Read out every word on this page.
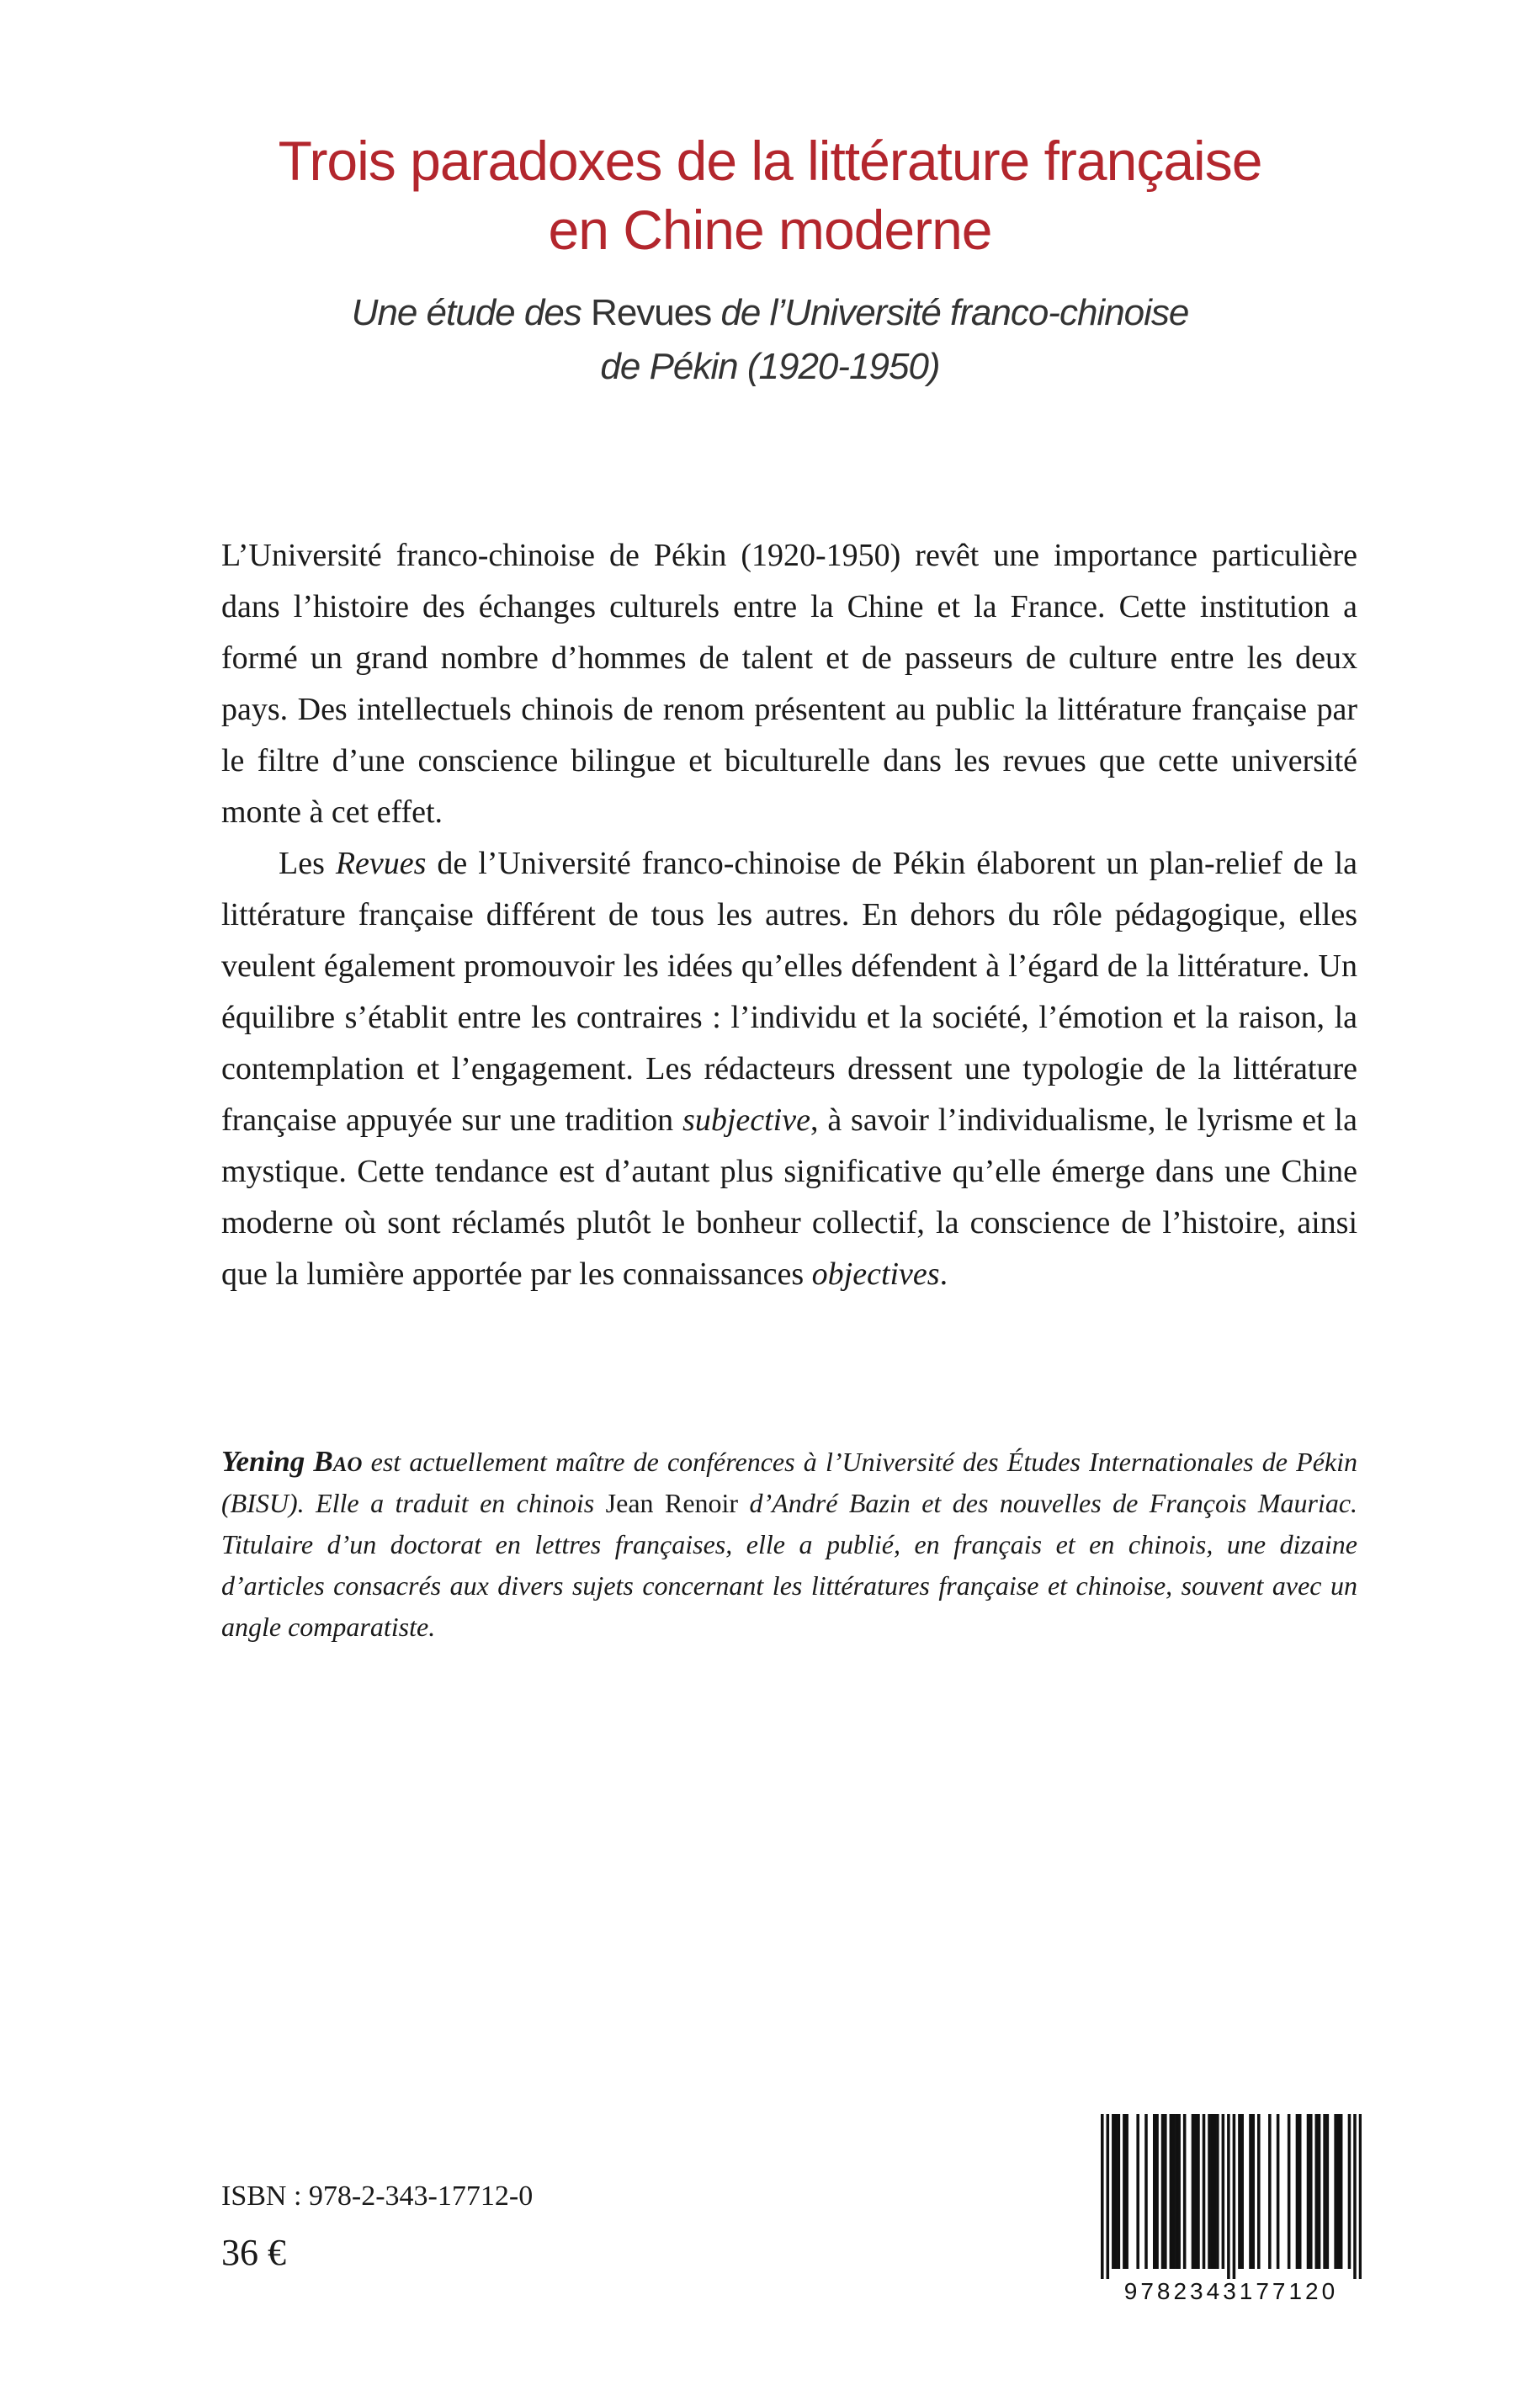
Trois paradoxes de la littérature française
en Chine moderne
Une étude des Revues de l’Université franco-chinoise
de Pékin (1920-1950)

L’Université franco-chinoise de Pékin (1920-1950) revêt une importance particulière dans l’histoire des échanges culturels entre la Chine et la France. Cette institution a formé un grand nombre d’hommes de talent et de passeurs de culture entre les deux pays. Des intellectuels chinois de renom présentent au public la littérature française par le filtre d’une conscience bilingue et biculturelle dans les revues que cette université monte à cet effet.

Les Revues de l’Université franco-chinoise de Pékin élaborent un plan-relief de la littérature française différent de tous les autres. En dehors du rôle pédagogique, elles veulent également promouvoir les idées qu’elles défendent à l’égard de la littérature. Un équilibre s’établit entre les contraires : l’individu et la société, l’émotion et la raison, la contemplation et l’engagement. Les rédacteurs dressent une typologie de la littérature française appuyée sur une tradition subjective, à savoir l’individualisme, le lyrisme et la mystique. Cette tendance est d’autant plus significative qu’elle émerge dans une Chine moderne où sont réclamés plutôt le bonheur collectif, la conscience de l’histoire, ainsi que la lumière apportée par les connaissances objectives.

Yening Bao est actuellement maître de conférences à l’Université des Études Internationales de Pékin (BISU). Elle a traduit en chinois Jean Renoir d’André Bazin et des nouvelles de François Mauriac. Titulaire d’un doctorat en lettres françaises, elle a publié, en français et en chinois, une dizaine d’articles consacrés aux divers sujets concernant les littératures française et chinoise, souvent avec un angle comparatiste.
ISBN : 978-2-343-17712-0
36 €
9782343177120
